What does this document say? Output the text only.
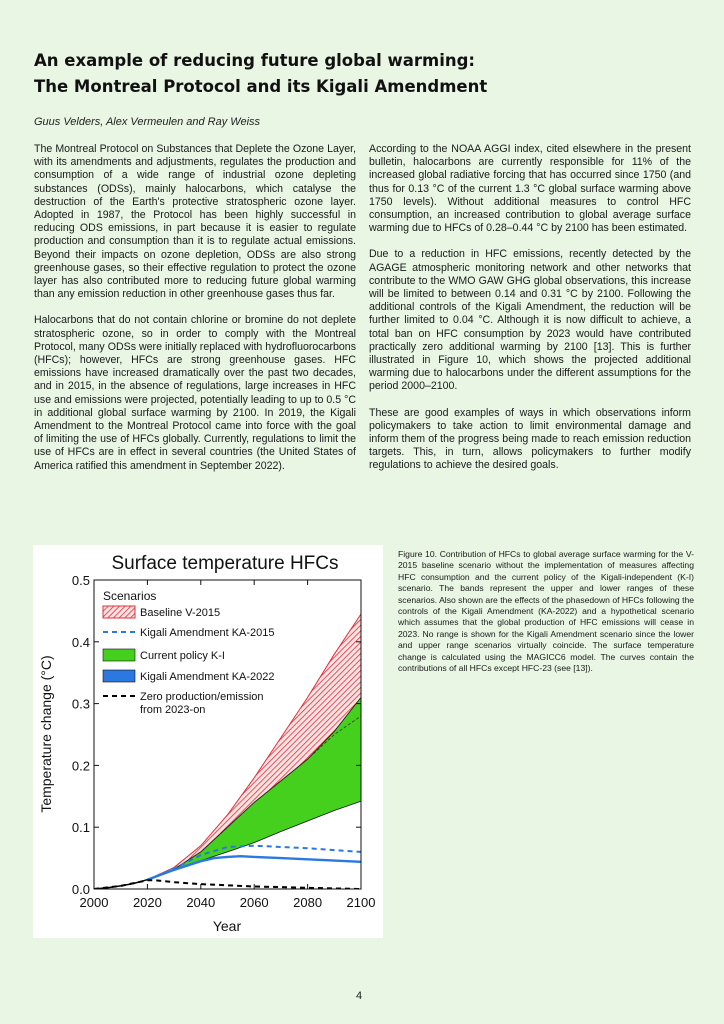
An example of reducing future global warming:
The Montreal Protocol and its Kigali Amendment
Guus Velders, Alex Vermeulen and Ray Weiss

The Montreal Protocol on Substances that Deplete the Ozone Layer, with its amendments and adjustments, regulates the production and consumption of a wide range of industrial ozone depleting substances (ODSs), mainly halocarbons, which catalyse the destruction of the Earth's protective stratospheric ozone layer. Adopted in 1987, the Protocol has been highly successful in reducing ODS emissions, in part because it is easier to regulate production and consumption than it is to regulate actual emissions. Beyond their impacts on ozone depletion, ODSs are also strong greenhouse gases, so their effective regulation to protect the ozone layer has also contributed more to reducing future global warming than any emission reduction in other greenhouse gases thus far.

Halocarbons that do not contain chlorine or bromine do not deplete stratospheric ozone, so in order to comply with the Montreal Protocol, many ODSs were initially replaced with hydrofluorocarbons (HFCs); however, HFCs are strong greenhouse gases. HFC emissions have increased dramatically over the past two decades, and in 2015, in the absence of regulations, large increases in HFC use and emissions were projected, potentially leading to up to 0.5 °C in additional global surface warming by 2100. In 2019, the Kigali Amendment to the Montreal Protocol came into force with the goal of limiting the use of HFCs globally. Currently, regulations to limit the use of HFCs are in effect in several countries (the United States of America ratified this amendment in September 2022).

According to the NOAA AGGI index, cited elsewhere in the present bulletin, halocarbons are currently responsible for 11% of the increased global radiative forcing that has occurred since 1750 (and thus for 0.13 °C of the current 1.3 °C global surface warming above 1750 levels). Without additional measures to control HFC consumption, an increased contribution to global average surface warming due to HFCs of 0.28–0.44 °C by 2100 has been estimated.

Due to a reduction in HFC emissions, recently detected by the AGAGE atmospheric monitoring network and other networks that contribute to the WMO GAW GHG global observations, this increase will be limited to between 0.14 and 0.31 °C by 2100. Following the additional controls of the Kigali Amendment, the reduction will be further limited to 0.04 °C. Although it is now difficult to achieve, a total ban on HFC consumption by 2023 would have contributed practically zero additional warming by 2100 [13]. This is further illustrated in Figure 10, which shows the projected additional warming due to halocarbons under the different assumptions for the period 2000–2100.

These are good examples of ways in which observations inform policymakers to take action to limit environmental damage and inform them of the progress being made to reach emission reduction targets. This, in turn, allows policymakers to further modify regulations to achieve the desired goals.

Surface temperature HFCs
2000 2020 2040 2060 2080 2100
0.0
0.1
0.2
0.3
0.4
0.5
Year
Temperature change (°C)
Scenarios
Baseline V-2015
Kigali Amendment KA-2015
Current policy K-I
Kigali Amendment KA-2022
Zero production/emission
from 2023-on
Figure 10. Contribution of HFCs to global average surface warming for the V-2015 baseline scenario without the implementation of measures affecting HFC consumption and the current policy of the Kigali-independent (K-I) scenario. The bands represent the upper and lower ranges of these scenarios. Also shown are the effects of the phasedown of HFCs following the controls of the Kigali Amendment (KA-2022) and a hypothetical scenario which assumes that the global production of HFC emissions will cease in 2023. No range is shown for the Kigali Amendment scenario since the lower and upper range scenarios virtually coincide. The surface temperature change is calculated using the MAGICC6 model. The curves contain the contributions of all HFCs except HFC-23 (see [13]).
4
